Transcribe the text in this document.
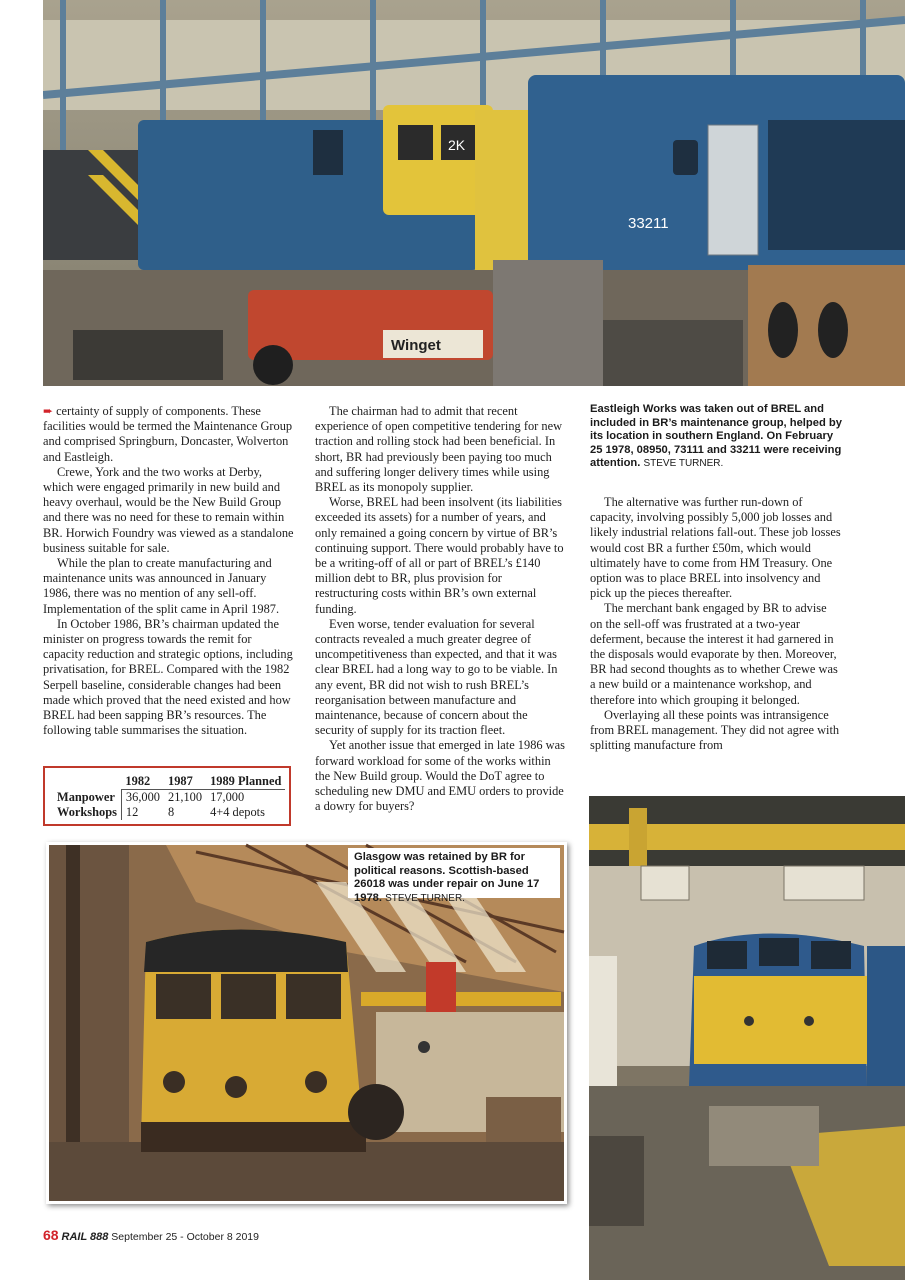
2K
33211
Winget

➨ certainty of supply of components. These facilities would be termed the Maintenance Group and comprised Springburn, Doncaster, Wolverton and Eastleigh.

Crewe, York and the two works at Derby, which were engaged primarily in new build and heavy overhaul, would be the New Build Group and there was no need for these to remain within BR. Horwich Foundry was viewed as a standalone business suitable for sale.

While the plan to create manufacturing and maintenance units was announced in January 1986, there was no mention of any sell-off. Implementation of the split came in April 1987.

In October 1986, BR’s chairman updated the minister on progress towards the remit for capacity reduction and strategic options, including privatisation, for BREL. Compared with the 1982 Serpell baseline, considerable changes had been made which proved that the need existed and how BREL had been sapping BR’s resources. The following table summarises the situation.

	1982	1987	1989 Planned
Manpower	36,000	21,100	17,000
Workshops	12	8	4+4 depots

The chairman had to admit that recent experience of open competitive tendering for new traction and rolling stock had been beneficial. In short, BR had previously been paying too much and suffering longer delivery times while using BREL as its monopoly supplier.

Worse, BREL had been insolvent (its liabilities exceeded its assets) for a number of years, and only remained a going concern by virtue of BR’s continuing support. There would probably have to be a writing-off of all or part of BREL’s £140 million debt to BR, plus provision for restructuring costs within BR’s own external funding.

Even worse, tender evaluation for several contracts revealed a much greater degree of uncompetitiveness than expected, and that it was clear BREL had a long way to go to be viable. In any event, BR did not wish to rush BREL’s reorganisation between manufacture and maintenance, because of concern about the security of supply for its traction fleet.

Yet another issue that emerged in late 1986 was forward workload for some of the works within the New Build group. Would the DoT agree to scheduling new DMU and EMU orders to provide a dowry for buyers?

Eastleigh Works was taken out of BREL and included in BR’s maintenance group, helped by its location in southern England. On February 25 1978, 08950, 73111 and 33211 were receiving attention. STEVE TURNER.

The alternative was further run-down of capacity, involving possibly 5,000 job losses and likely industrial relations fall-out. These job losses would cost BR a further £50m, which would ultimately have to come from HM Treasury. One option was to place BREL into insolvency and pick up the pieces thereafter.

The merchant bank engaged by BR to advise on the sell-off was frustrated at a two-year deferment, because the interest it had garnered in the disposals would evaporate by then. Moreover, BR had second thoughts as to whether Crewe was a new build or a maintenance workshop, and therefore into which grouping it belonged.

Overlaying all these points was intransigence from BREL management. They did not agree with splitting manufacture from

Glasgow was retained by BR for political reasons. Scottish-based 26018 was under repair on June 17 1978. STEVE TURNER.
68 RAIL 888 September 25 - October 8 2019
